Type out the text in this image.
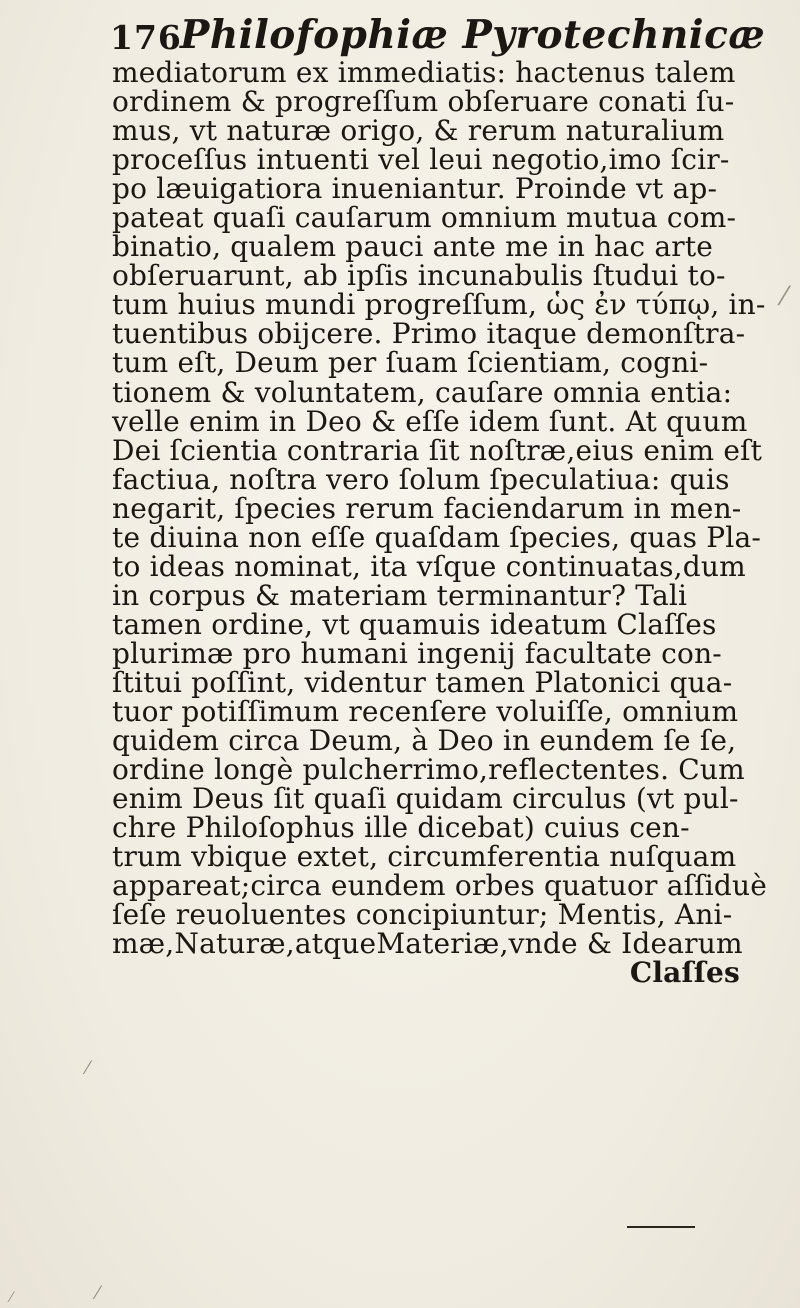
176
Philofophiæ Pyrotechnicæ
mediatorum ex immediatis: hactenus talem
ordinem & progreſſum obſeruare conati ſu-
mus, vt naturæ origo, & rerum naturalium
proceſſus intuenti vel leui negotio,imo ſcir-
po læuigatiora inueniantur. Proinde vt ap-
pateat quaſi cauſarum omnium mutua com-
binatio, qualem pauci ante me in hac arte
obſeruarunt, ab ipſis incunabulis ſtudui to-
tum huius mundi progreſſum, ὡς ἐν τύπῳ, in-
tuentibus obijcere. Primo itaque demonſtra-
tum eſt, Deum per ſuam ſcientiam, cogni-
tionem & voluntatem, cauſare omnia entia:
velle enim in Deo & eſſe idem ſunt. At quum
Dei ſcientia contraria ſit noſtræ,eius enim eſt
factiua, noſtra vero ſolum ſpeculatiua: quis
negarit, ſpecies rerum faciendarum in men-
te diuina non eſſe quaſdam ſpecies, quas Pla-
to ideas nominat, ita vſque continuatas,dum
in corpus & materiam terminantur? Tali
tamen ordine, vt quamuis ideatum Claſſes
plurimæ pro humani ingenij facultate con-
ſtitui poſſint, videntur tamen Platonici qua-
tuor potiſſimum recenſere voluiſſe, omnium
quidem circa Deum, à Deo in eundem ſe ſe,
ordine longè pulcherrimo,reflectentes. Cum
enim Deus ſit quaſi quidam circulus (vt pul-
chre Philoſophus ille dicebat) cuius cen-
trum vbique extet, circumferentia nuſquam
appareat;circa eundem orbes quatuor aſſiduè
ſeſe reuoluentes concipiuntur; Mentis, Ani-
mæ,Naturæ,atqueMateriæ,vnde & Idearum
Claſſes
⁄
⁄
⁄	⁄
